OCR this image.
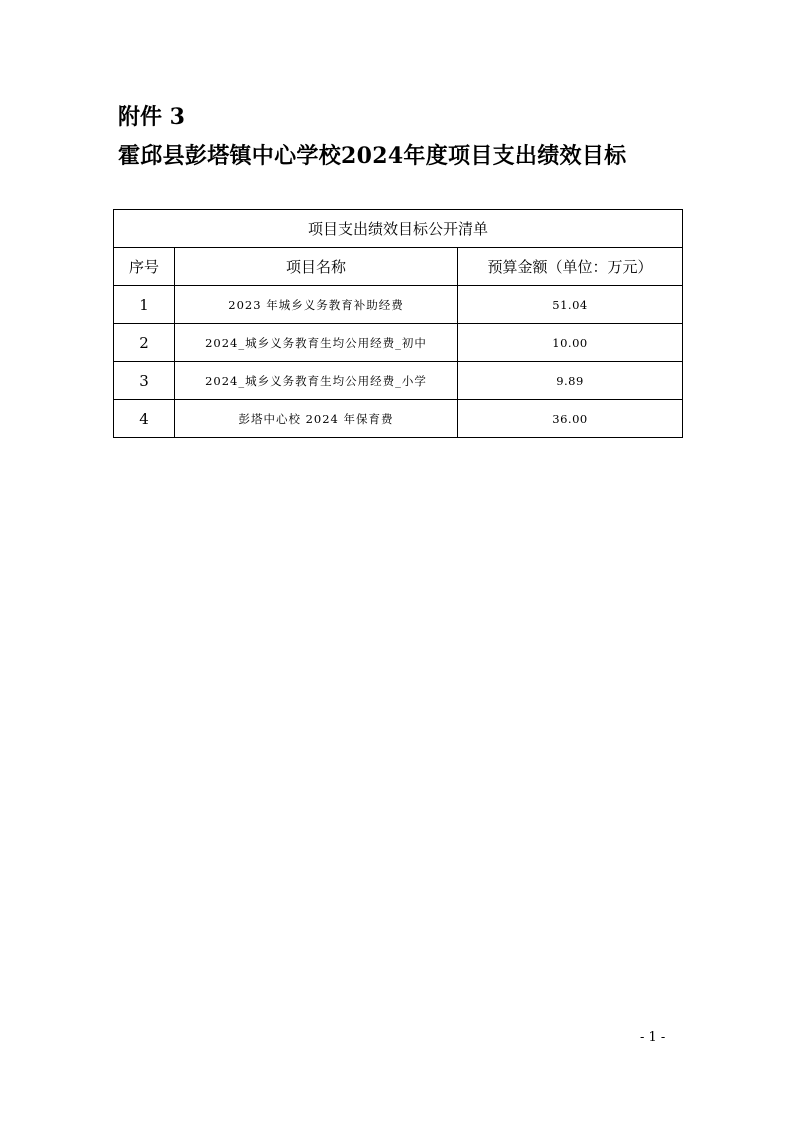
附件 3
霍邱县彭塔镇中心学校2024年度项目支出绩效目标
项目支出绩效目标公开清单		
序号	项目名称	预算金额（单位：万元）
1	2023 年城乡义务教育补助经费	51.04
2	2024_城乡义务教育生均公用经费_初中	10.00
3	2024_城乡义务教育生均公用经费_小学	9.89
4	彭塔中心校 2024 年保育费	36.00
- 1 -
